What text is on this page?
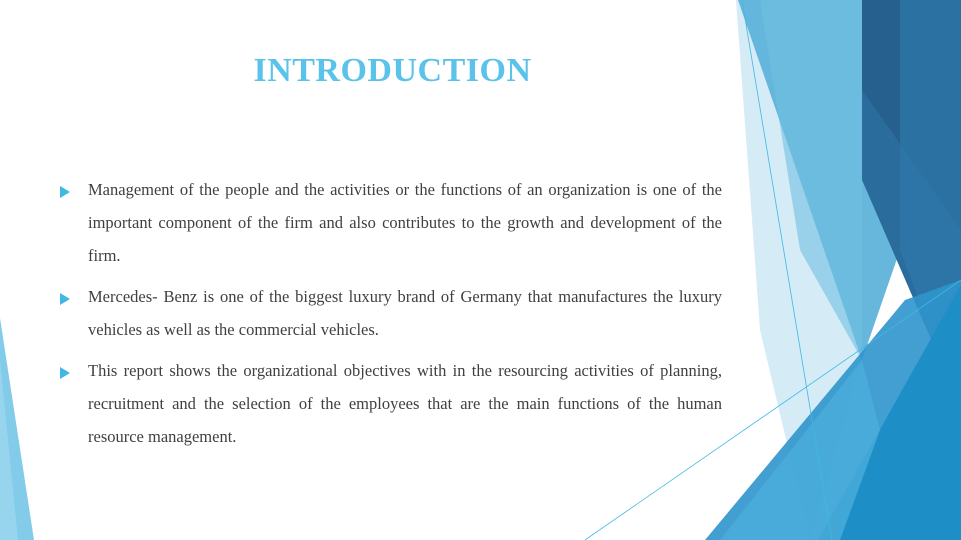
INTRODUCTION

Management of the people and the activities or the functions of an organization is one of the important component of the firm and also contributes to the growth and development of the firm.

Mercedes- Benz is one of the biggest luxury brand of Germany that manufactures the luxury vehicles as well as the commercial vehicles.

This report shows the organizational objectives with in the resourcing activities of planning, recruitment and the selection of the employees that are the main functions of the human resource management.
